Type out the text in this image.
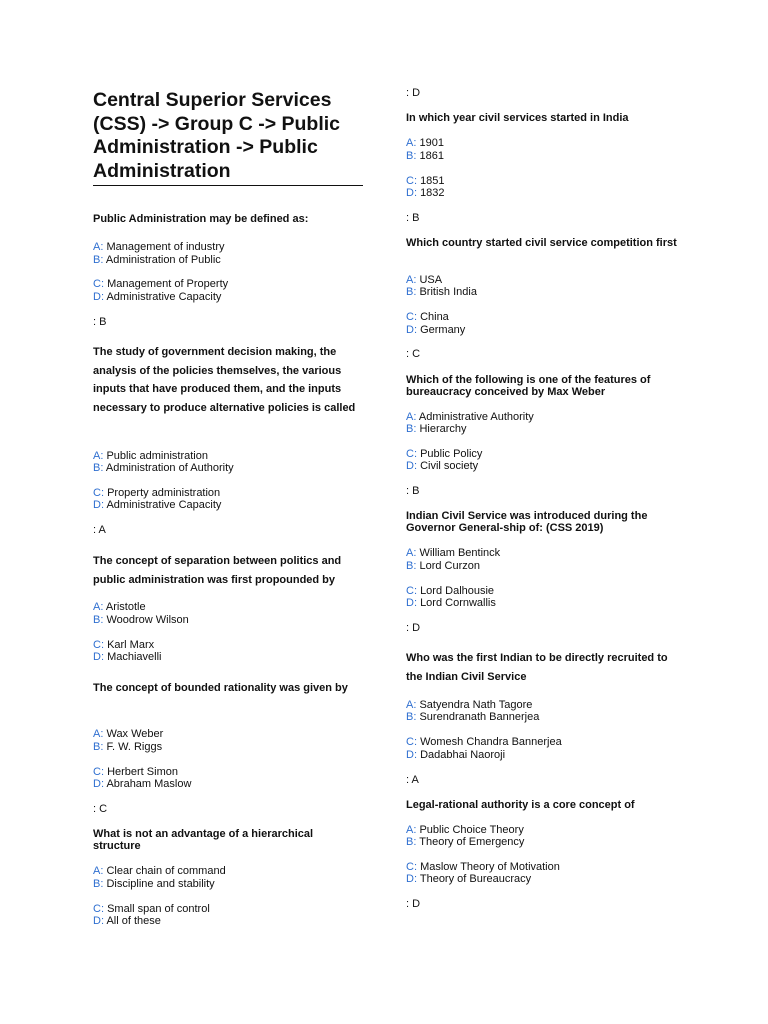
Central Superior Services (CSS) -> Group C -> Public Administration -> Public Administration
Public Administration may be defined as:
A: Management of industry
B: Administration of Public
C: Management of Property
D: Administrative Capacity
: B
The study of government decision making, the analysis of the policies themselves, the various inputs that have produced them, and the inputs necessary to produce alternative policies is called
A: Public administration
B: Administration of Authority
C: Property administration
D: Administrative Capacity
: A
The concept of separation between politics and public administration was first propounded by
A: Aristotle
B: Woodrow Wilson
C: Karl Marx
D: Machiavelli
The concept of bounded rationality was given by
A: Wax Weber
B: F. W. Riggs
C: Herbert Simon
D: Abraham Maslow
: C
What is not an advantage of a hierarchical structure
A: Clear chain of command
B: Discipline and stability
C: Small span of control
D: All of these
: D
In which year civil services started in India
A: 1901
B: 1861
C: 1851
D: 1832
: B
Which country started civil service competition first
A: USA
B: British India
C: China
D: Germany
: C
Which of the following is one of the features of bureaucracy conceived by Max Weber
A: Administrative Authority
B: Hierarchy
C: Public Policy
D: Civil society
: B
Indian Civil Service was introduced during the Governor General-ship of: (CSS 2019)
A: William Bentinck
B: Lord Curzon
C: Lord Dalhousie
D: Lord Cornwallis
: D
Who was the first Indian to be directly recruited to the Indian Civil Service
A: Satyendra Nath Tagore
B: Surendranath Bannerjea
C: Womesh Chandra Bannerjea
D: Dadabhai Naoroji
: A
Legal-rational authority is a core concept of
A: Public Choice Theory
B: Theory of Emergency
C: Maslow Theory of Motivation
D: Theory of Bureaucracy
: D
